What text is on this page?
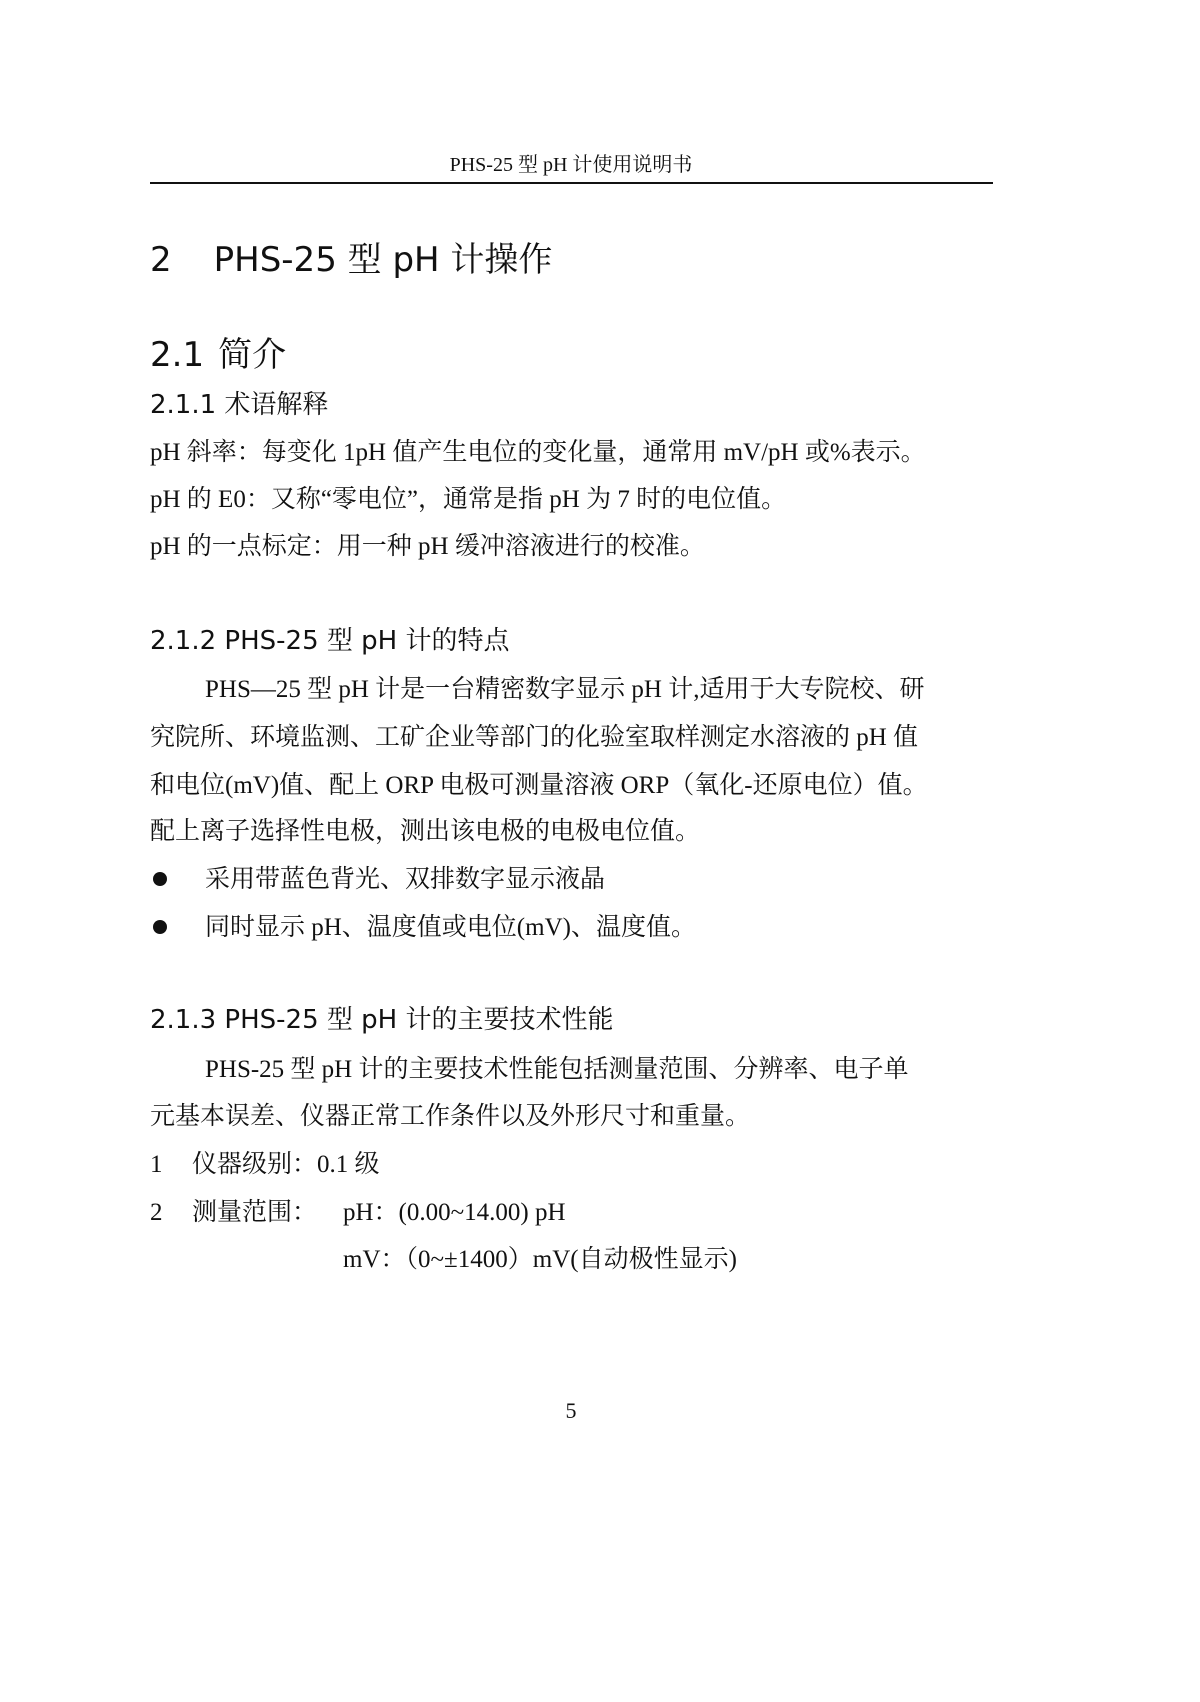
PHS-25 型 pH 计使用说明书
2 PHS-25 型 pH 计操作
2.1 简介
2.1.1 术语解释
pH 斜率：每变化 1pH 值产生电位的变化量，通常用 mV/pH 或%表示。
pH 的 E0：又称“零电位”，通常是指 pH 为 7 时的电位值。
pH 的一点标定：用一种 pH 缓冲溶液进行的校准。
2.1.2 PHS-25 型 pH 计的特点
PHS—25 型 pH 计是一台精密数字显示 pH 计,适用于大专院校、研
究院所、环境监测、工矿企业等部门的化验室取样测定水溶液的 pH 值
和电位(mV)值、配上 ORP 电极可测量溶液 ORP（氧化-还原电位）值。
配上离子选择性电极，测出该电极的电极电位值。
采用带蓝色背光、双排数字显示液晶
同时显示 pH、温度值或电位(mV)、温度值。
2.1.3 PHS-25 型 pH 计的主要技术性能
PHS-25 型 pH 计的主要技术性能包括测量范围、分辨率、电子单
元基本误差、仪器正常工作条件以及外形尺寸和重量。
1 仪器级别：0.1 级
2 测量范围： pH：(0.00~14.00) pH
mV：（0~±1400）mV(自动极性显示)
5
